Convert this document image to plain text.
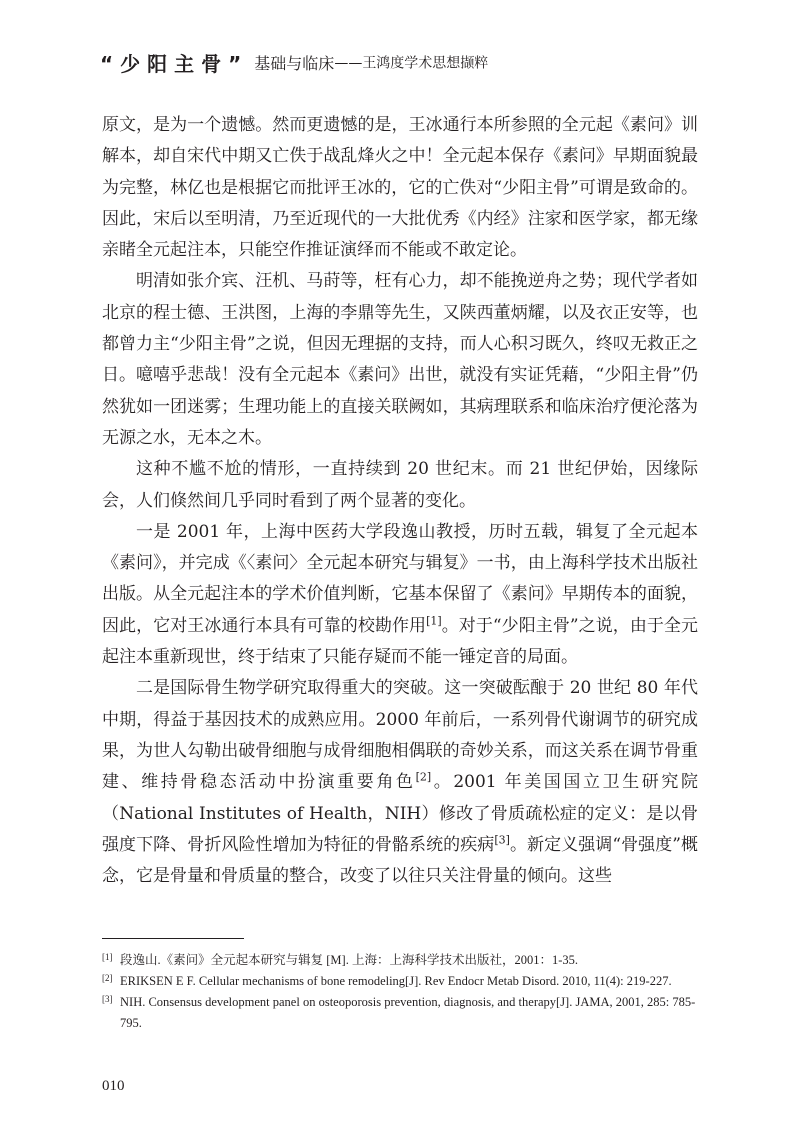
“少阳主骨” 基础与临床——王鸿度学术思想撷粹

原文，是为一个遗憾。然而更遗憾的是，王冰通行本所参照的全元起《素问》训解本，却自宋代中期又亡佚于战乱烽火之中！全元起本保存《素问》早期面貌最为完整，林亿也是根据它而批评王冰的，它的亡佚对“少阳主骨”可谓是致命的。因此，宋后以至明清，乃至近现代的一大批优秀《内经》注家和医学家，都无缘亲睹全元起注本，只能空作推证演绎而不能或不敢定论。

明清如张介宾、汪机、马莳等，枉有心力，却不能挽逆舟之势；现代学者如北京的程士德、王洪图，上海的李鼎等先生，又陕西董炳耀，以及衣正安等，也都曾力主“少阳主骨”之说，但因无理据的支持，而人心积习既久，终叹无救正之日。噫嘻乎悲哉！没有全元起本《素问》出世，就没有实证凭藉，“少阳主骨”仍然犹如一团迷雾；生理功能上的直接关联阙如，其病理联系和临床治疗便沦落为无源之水，无本之木。

这种不尴不尬的情形，一直持续到 20 世纪末。而 21 世纪伊始，因缘际会，人们倏然间几乎同时看到了两个显著的变化。

一是 2001 年，上海中医药大学段逸山教授，历时五载，辑复了全元起本《素问》，并完成《〈素问〉全元起本研究与辑复》一书，由上海科学技术出版社出版。从全元起注本的学术价值判断，它基本保留了《素问》早期传本的面貌，因此，它对王冰通行本具有可靠的校勘作用[1]。对于“少阳主骨”之说，由于全元起注本重新现世，终于结束了只能存疑而不能一锤定音的局面。

二是国际骨生物学研究取得重大的突破。这一突破酝酿于 20 世纪 80 年代中期，得益于基因技术的成熟应用。2000 年前后，一系列骨代谢调节的研究成果，为世人勾勒出破骨细胞与成骨细胞相偶联的奇妙关系，而这关系在调节骨重建、维持骨稳态活动中扮演重要角色[2]。2001 年美国国立卫生研究院（National Institutes of Health，NIH）修改了骨质疏松症的定义：是以骨强度下降、骨折风险性增加为特征的骨骼系统的疾病[3]。新定义强调“骨强度”概念，它是骨量和骨质量的整合，改变了以往只关注骨量的倾向。这些

[1] 段逸山.《素问》全元起本研究与辑复 [M]. 上海：上海科学技术出版社，2001：1-35.
[2] ERIKSEN E F. Cellular mechanisms of bone remodeling[J]. Rev Endocr Metab Disord. 2010, 11(4): 219-227.
[3] NIH. Consensus development panel on osteoporosis prevention, diagnosis, and therapy[J]. JAMA, 2001, 285: 785-795.
010
